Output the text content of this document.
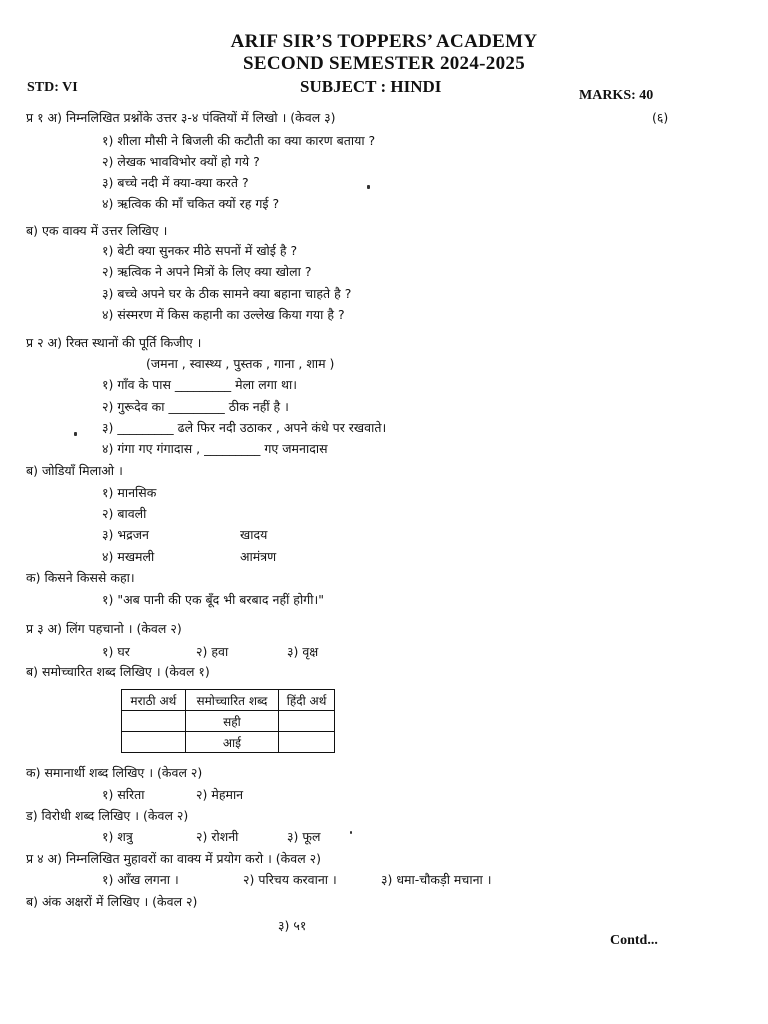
ARIF SIR’S TOPPERS’ ACADEMY
SECOND SEMESTER 2024-2025
STD: VI	SUBJECT : HINDI	MARKS: 40
प्र १ अ) निम्नलिखित प्रश्नोंके उत्तर ३-४ पंक्तियों में लिखो । (केवल ३)	(६)
१) शीला मौसी ने बिजली की कटौती का क्या कारण बताया ?
२) लेखक भावविभोर क्यों हो गये ?
३) बच्चे नदी में क्या-क्या करते ?
४) ऋत्विक की माँ चकित क्यों रह गई ?
ब) एक वाक्य में उत्तर लिखिए ।
१) बेटी क्या सुनकर मीठे सपनों में खोई है ?
२) ऋत्विक ने अपने मित्रों के लिए क्या खोला ?
३) बच्चे अपने घर के ठीक सामने क्या बहाना चाहते है ?
४) संस्मरण में किस कहानी का उल्लेख किया गया है ?
प्र २ अ) रिक्त स्थानों की पूर्ति किजीए ।
(जमना , स्वास्थ्य , पुस्तक , गाना , शाम )
१) गाँव के पास _________ मेला लगा था।
२) गुरूदेव का _________ ठीक नहीं है ।
३) _________ ढले फिर नदी उठाकर , अपने कंधे पर रखवाते।
४) गंगा गए गंगादास , _________ गए जमनादास
ब) जोडियाँ मिलाओ ।
१) मानसिक
२) बावली
३) भद्रजन	खादय
४) मखमली	आमंत्रण
क) किसने किससे कहा।
१) "अब पानी की एक बूँद भी बरबाद नहीं होगी।"
प्र ३ अ) लिंग पहचानो । (केवल २)
१) घर	२) हवा	३) वृक्ष
ब) समोच्चारित शब्द लिखिए । (केवल १)
मराठी अर्थ	समोच्चारित शब्द	हिंदी अर्थ
	सही	
	आई	
क) समानार्थी शब्द लिखिए । (केवल २)
१) सरिता	२) मेहमान
ड) विरोधी शब्द लिखिए । (केवल २)
१) शत्रु	२) रोशनी	३) फूल
प्र ४ अ) निम्नलिखित मुहावरों का वाक्य में प्रयोग करो । (केवल २)
१) आँख लगना ।	२) परिचय करवाना ।	३) धमा-चौकड़ी मचाना ।
ब) अंक अक्षरों में लिखिए । (केवल २)
३) ५१
Contd...
